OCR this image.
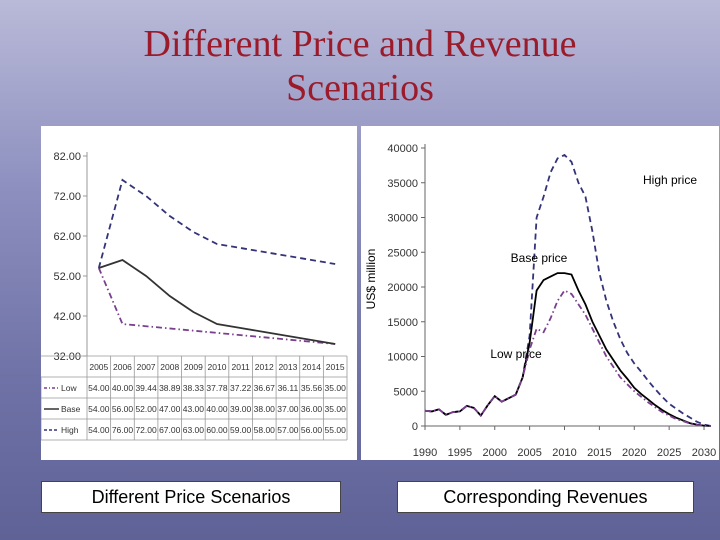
Different Price and Revenue
Scenarios
82.00
72.00
62.00
52.00
42.00
32.00
2005 2006 2007 2008 2009 2010 2011 2012 2013 2014 2015
Low 54.00 40.00 39.44 38.89 38.33 37.78 37.22 36.67 36.11 35.56 35.00
Base 54.00 56.00 52.00 47.00 43.00 40.00 39.00 38.00 37.00 36.00 35.00
High 54.00 76.00 72.00 67.00 63.00 60.00 59.00 58.00 57.00 56.00 55.00
40000
35000
30000
25000
20000
15000
10000
5000
0
1990 1995 2000 2005 2010 2015 2020 2025 2030
US$ million
High price
Base price
Low price
Different Price Scenarios	Corresponding Revenues
